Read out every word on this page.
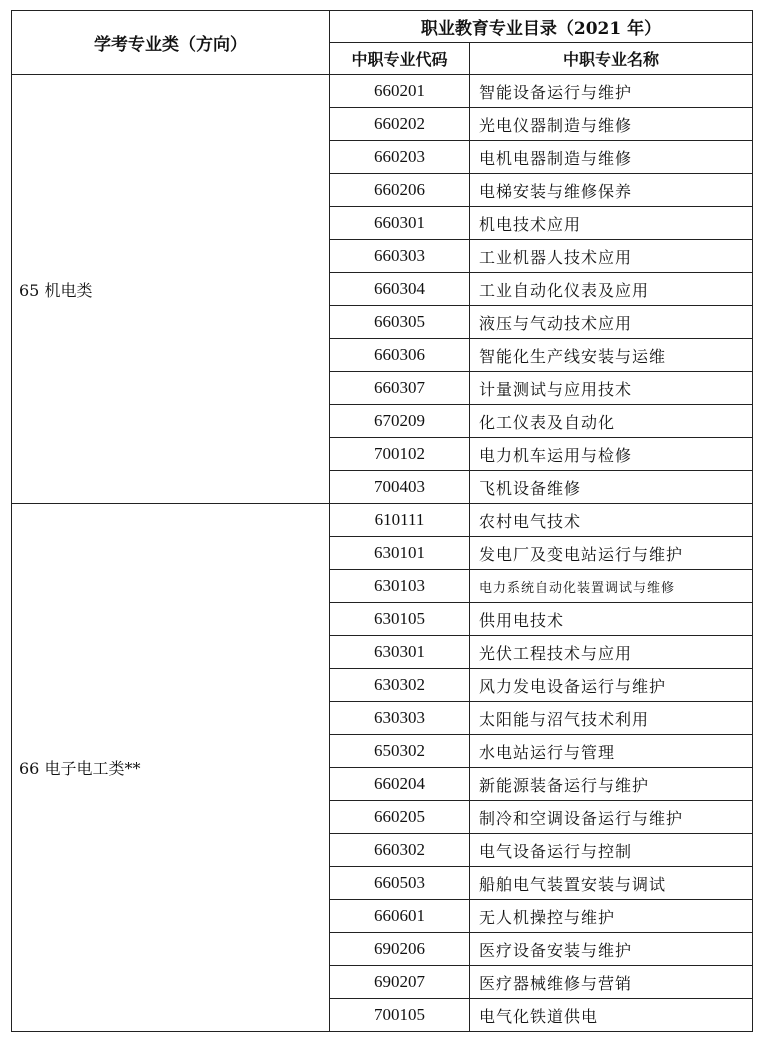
学考专业类（方向）	职业教育专业目录（2021 年）	
	中职专业代码	中职专业名称
65 机电类	660201	智能设备运行与维护
	660202	光电仪器制造与维修
	660203	电机电器制造与维修
	660206	电梯安装与维修保养
	660301	机电技术应用
	660303	工业机器人技术应用
	660304	工业自动化仪表及应用
	660305	液压与气动技术应用
	660306	智能化生产线安装与运维
	660307	计量测试与应用技术
	670209	化工仪表及自动化
	700102	电力机车运用与检修
	700403	飞机设备维修
66 电子电工类**	610111	农村电气技术
	630101	发电厂及变电站运行与维护
	630103	电力系统自动化装置调试与维修
	630105	供用电技术
	630301	光伏工程技术与应用
	630302	风力发电设备运行与维护
	630303	太阳能与沼气技术利用
	650302	水电站运行与管理
	660204	新能源装备运行与维护
	660205	制冷和空调设备运行与维护
	660302	电气设备运行与控制
	660503	船舶电气装置安装与调试
	660601	无人机操控与维护
	690206	医疗设备安装与维护
	690207	医疗器械维修与营销
	700105	电气化铁道供电
